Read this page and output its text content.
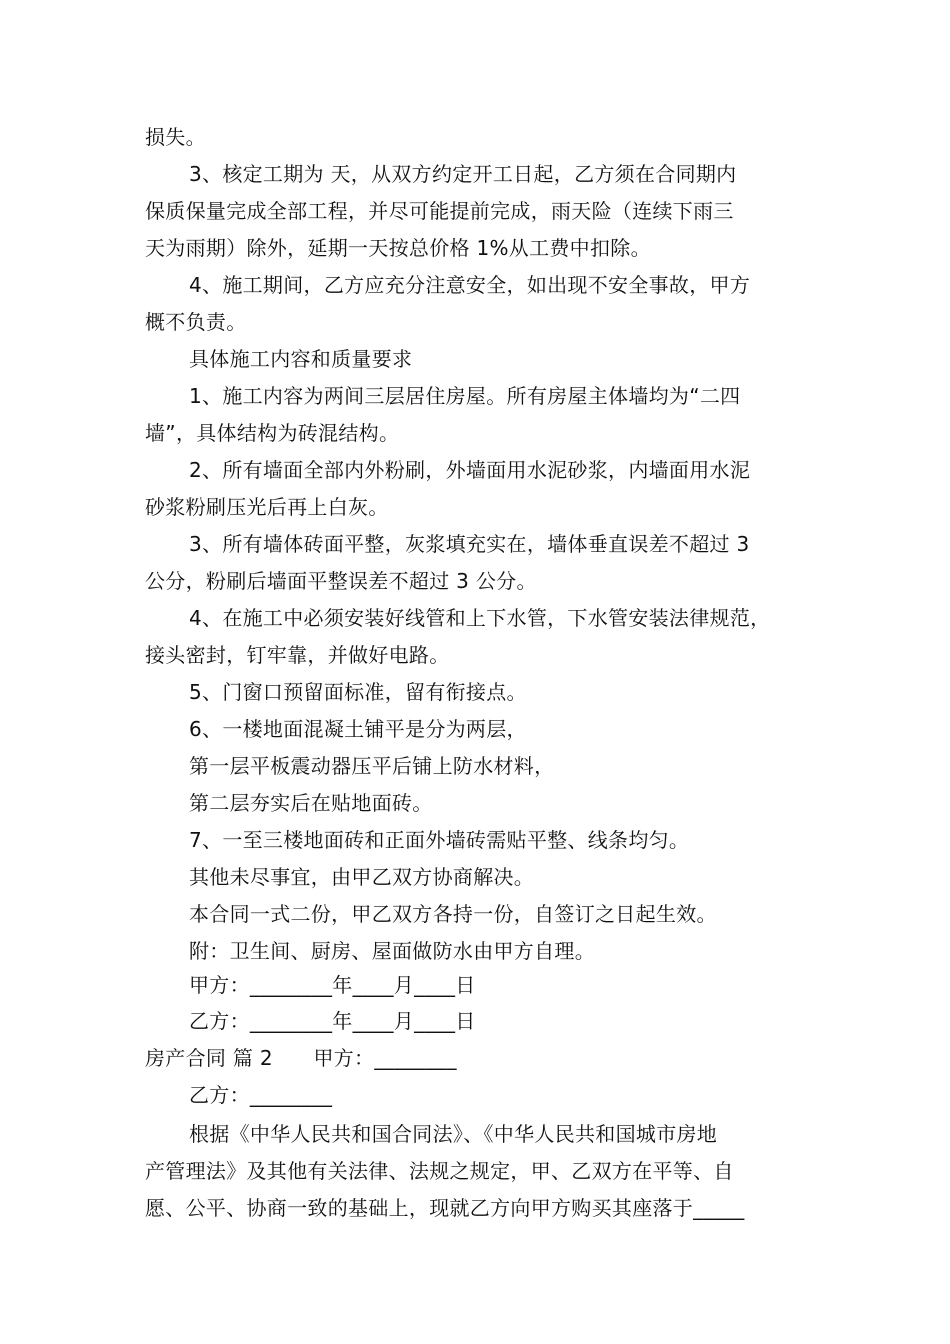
损失。
3、核定工期为 天，从双方约定开工日起，乙方须在合同期内
保质保量完成全部工程，并尽可能提前完成，雨天险（连续下雨三
天为雨期）除外，延期一天按总价格 1%从工费中扣除。
4、施工期间，乙方应充分注意安全，如出现不安全事故，甲方
概不负责。
具体施工内容和质量要求
1、施工内容为两间三层居住房屋。所有房屋主体墙均为“二四
墙”，具体结构为砖混结构。
2、所有墙面全部内外粉刷，外墙面用水泥砂浆，内墙面用水泥
砂浆粉刷压光后再上白灰。
3、所有墙体砖面平整，灰浆填充实在，墙体垂直误差不超过 3
公分，粉刷后墙面平整误差不超过 3 公分。
4、在施工中必须安装好线管和上下水管，下水管安装法律规范，
接头密封，钉牢靠，并做好电路。
5、门窗口预留面标准，留有衔接点。
6、一楼地面混凝土铺平是分为两层，
第一层平板震动器压平后铺上防水材料，
第二层夯实后在贴地面砖。
7、一至三楼地面砖和正面外墙砖需贴平整、线条均匀。
其他未尽事宜，由甲乙双方协商解决。
本合同一式二份，甲乙双方各持一份，自签订之日起生效。
附：卫生间、厨房、屋面做防水由甲方自理。
甲方：________年____月____日
乙方：________年____月____日
房产合同 篇 2　　甲方：________
乙方：________
根据《中华人民共和国合同法》、《中华人民共和国城市房地
产管理法》及其他有关法律、法规之规定，甲、乙双方在平等、自
愿、公平、协商一致的基础上，现就乙方向甲方购买其座落于_____
